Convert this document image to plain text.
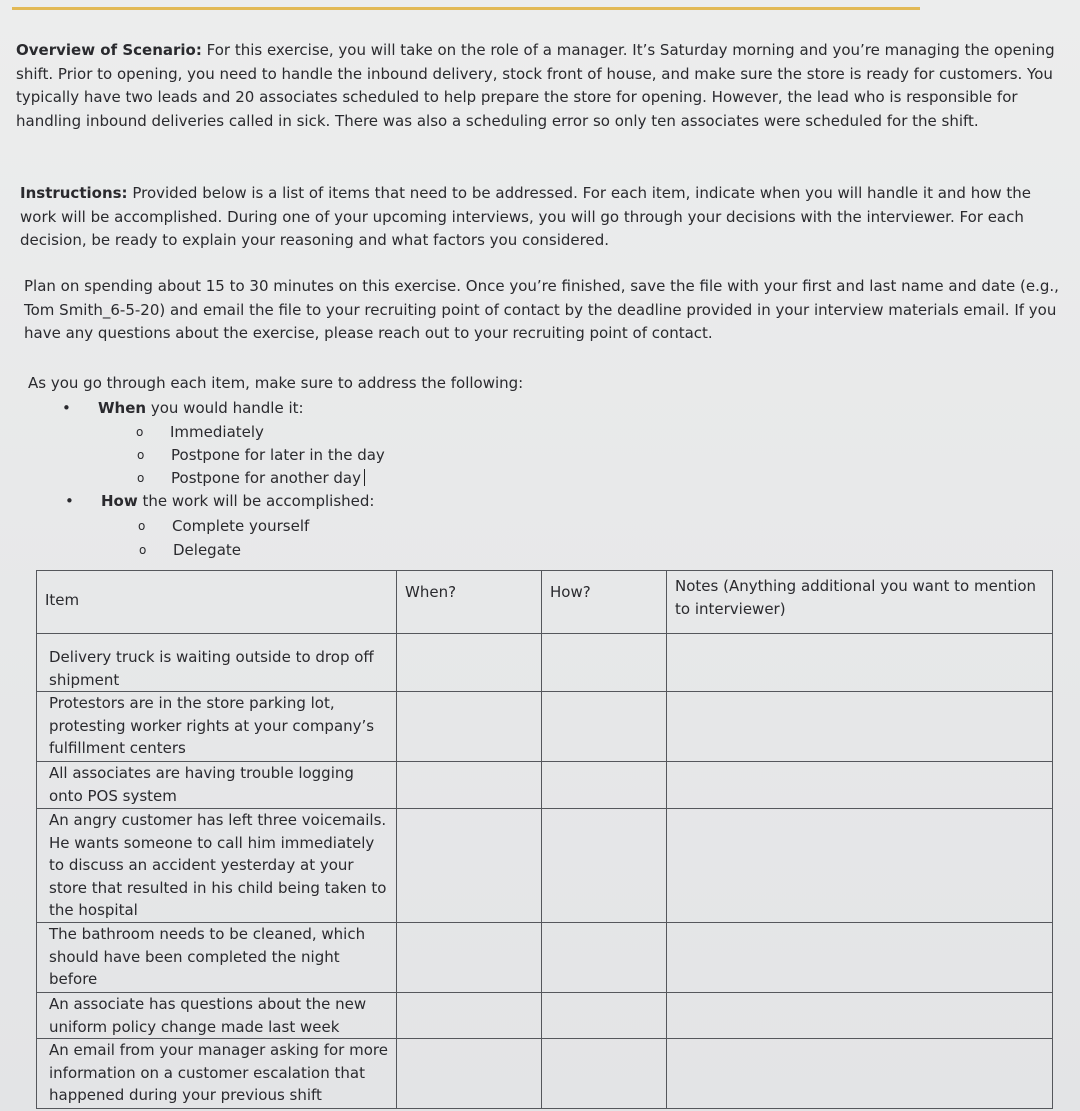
Overview of Scenario: For this exercise, you will take on the role of a manager. It’s Saturday morning and you’re managing the opening shift. Prior to opening, you need to handle the inbound delivery, stock front of house, and make sure the store is ready for customers. You typically have two leads and 20 associates scheduled to help prepare the store for opening. However, the lead who is responsible for handling inbound deliveries called in sick. There was also a scheduling error so only ten associates were scheduled for the shift.

Instructions: Provided below is a list of items that need to be addressed. For each item, indicate when you will handle it and how the work will be accomplished. During one of your upcoming interviews, you will go through your decisions with the interviewer. For each decision, be ready to explain your reasoning and what factors you considered.

Plan on spending about 15 to 30 minutes on this exercise. Once you’re finished, save the file with your first and last name and date (e.g., Tom Smith_6-5-20) and email the file to your recruiting point of contact by the deadline provided in your interview materials email. If you have any questions about the exercise, please reach out to your recruiting point of contact.

As you go through each item, make sure to address the following:

• When you would handle it:
o Immediately
o Postpone for later in the day
o Postpone for another day
• How the work will be accomplished:
o Complete yourself
o Delegate
Item	When?	How?	Notes (Anything additional you want to mention to interviewer)
Delivery truck is waiting outside to drop off shipment			
Protestors are in the store parking lot, protesting worker rights at your company’s fulfillment centers			
All associates are having trouble logging onto POS system			
An angry customer has left three voicemails. He wants someone to call him immediately to discuss an accident yesterday at your store that resulted in his child being taken to the hospital			
The bathroom needs to be cleaned, which should have been completed the night before			
An associate has questions about the new uniform policy change made last week			
An email from your manager asking for more information on a customer escalation that happened during your previous shift			
